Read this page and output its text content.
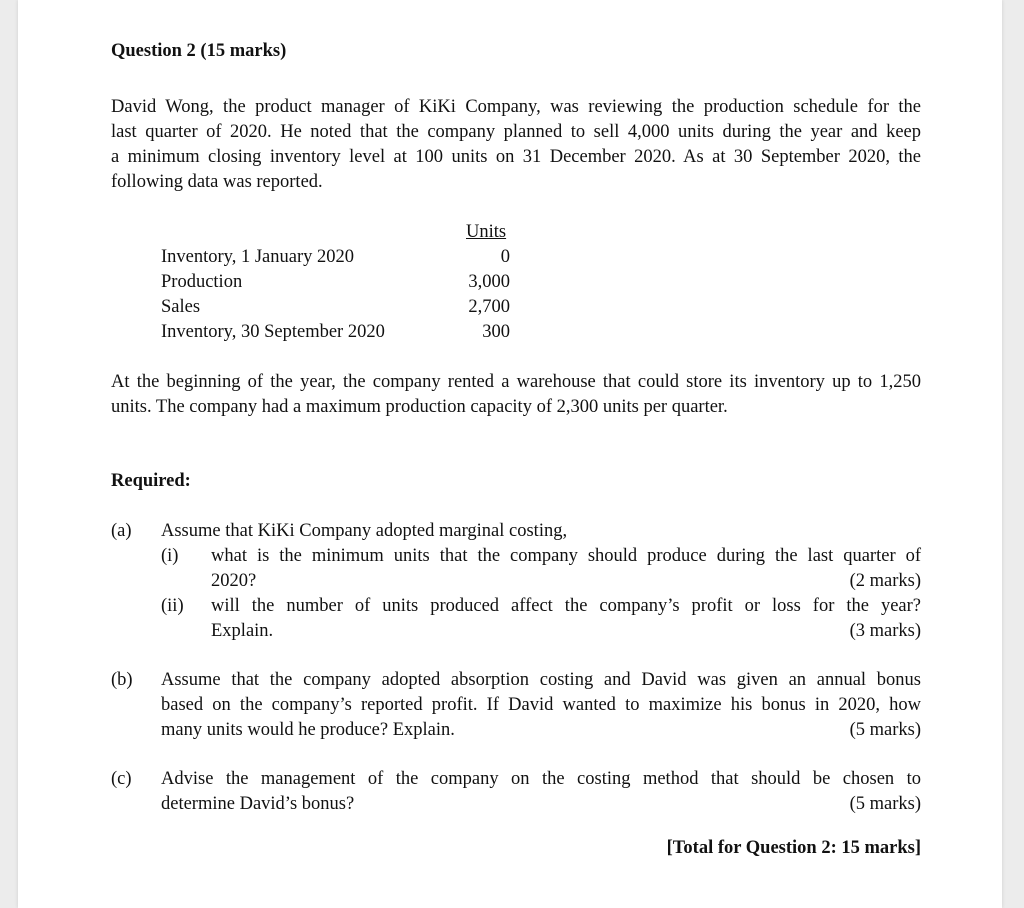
Question 2 (15 marks)
David Wong, the product manager of KiKi Company, was reviewing the production schedule for the
last quarter of 2020. He noted that the company planned to sell 4,000 units during the year and keep
a minimum closing inventory level at 100 units on 31 December 2020. As at 30 September 2020, the
following data was reported.
Units
Inventory, 1 January 2020	0
Production	3,000
Sales	2,700
Inventory, 30 September 2020	300
At the beginning of the year, the company rented a warehouse that could store its inventory up to 1,250
units. The company had a maximum production capacity of 2,300 units per quarter.
Required:
(a) Assume that KiKi Company adopted marginal costing,
(i) what is the minimum units that the company should produce during the last quarter of
2020?	(2 marks)
(ii) will the number of units produced affect the company’s profit or loss for the year?
Explain.	(3 marks)
(b) Assume that the company adopted absorption costing and David was given an annual bonus
based on the company’s reported profit. If David wanted to maximize his bonus in 2020, how
many units would he produce? Explain.	(5 marks)
(c) Advise the management of the company on the costing method that should be chosen to
determine David’s bonus?	(5 marks)
[Total for Question 2: 15 marks]
